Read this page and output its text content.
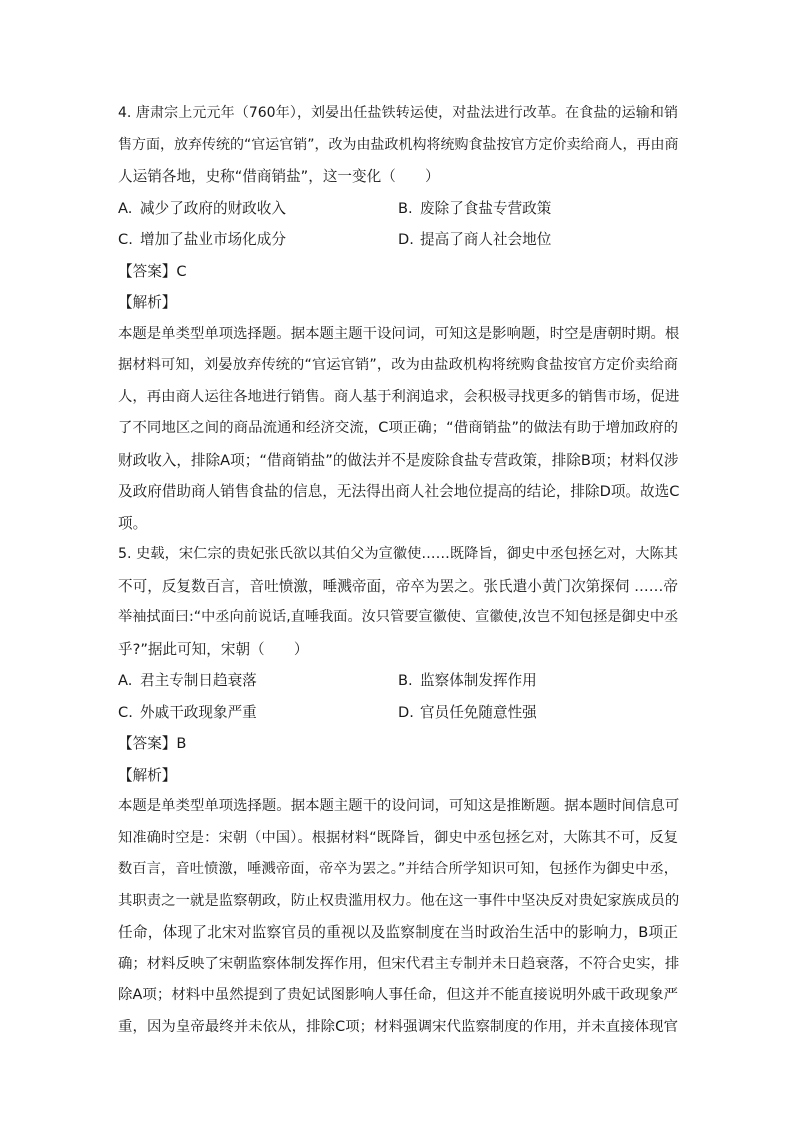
4. 唐肃宗上元元年（760年），刘晏出任盐铁转运使，对盐法进行改革。在食盐的运输和销
售方面，放弃传统的“官运官销”，改为由盐政机构将统购食盐按官方定价卖给商人，再由商
人运销各地，史称“借商销盐”，这一变化（　　）
A. 减少了政府的财政收入	B. 废除了食盐专营政策
C. 增加了盐业市场化成分	D. 提高了商人社会地位
【答案】C
【解析】
本题是单类型单项选择题。据本题主题干设问词，可知这是影响题，时空是唐朝时期。根
据材料可知，刘晏放弃传统的“官运官销”，改为由盐政机构将统购食盐按官方定价卖给商
人，再由商人运往各地进行销售。商人基于利润追求，会积极寻找更多的销售市场，促进
了不同地区之间的商品流通和经济交流，C项正确；“借商销盐”的做法有助于增加政府的
财政收入，排除A项；“借商销盐”的做法并不是废除食盐专营政策，排除B项；材料仅涉
及政府借助商人销售食盐的信息，无法得出商人社会地位提高的结论，排除D项。故选C
项。
5. 史载，宋仁宗的贵妃张氏欲以其伯父为宣徽使……既降旨，御史中丞包拯乞对，大陈其
不可，反复数百言，音吐愤激，唾溅帝面，帝卒为罢之。张氏遣小黄门次第探伺 ……帝
举袖拭面曰:“中丞向前说话,直唾我面。汝只管要宣徽使、宣徽使,汝岂不知包拯是御史中丞
乎?”据此可知，宋朝（　　）
A. 君主专制日趋衰落	B. 监察体制发挥作用
C. 外戚干政现象严重	D. 官员任免随意性强
【答案】B
【解析】
本题是单类型单项选择题。据本题主题干的设问词，可知这是推断题。据本题时间信息可
知准确时空是：宋朝（中国）。根据材料“既降旨，御史中丞包拯乞对，大陈其不可，反复
数百言，音吐愤激，唾溅帝面，帝卒为罢之。”并结合所学知识可知，包拯作为御史中丞，
其职责之一就是监察朝政，防止权贵滥用权力。他在这一事件中坚决反对贵妃家族成员的
任命，体现了北宋对监察官员的重视以及监察制度在当时政治生活中的影响力，B项正
确；材料反映了宋朝监察体制发挥作用，但宋代君主专制并未日趋衰落，不符合史实，排
除A项；材料中虽然提到了贵妃试图影响人事任命，但这并不能直接说明外戚干政现象严
重，因为皇帝最终并未依从，排除C项；材料强调宋代监察制度的作用，并未直接体现官
